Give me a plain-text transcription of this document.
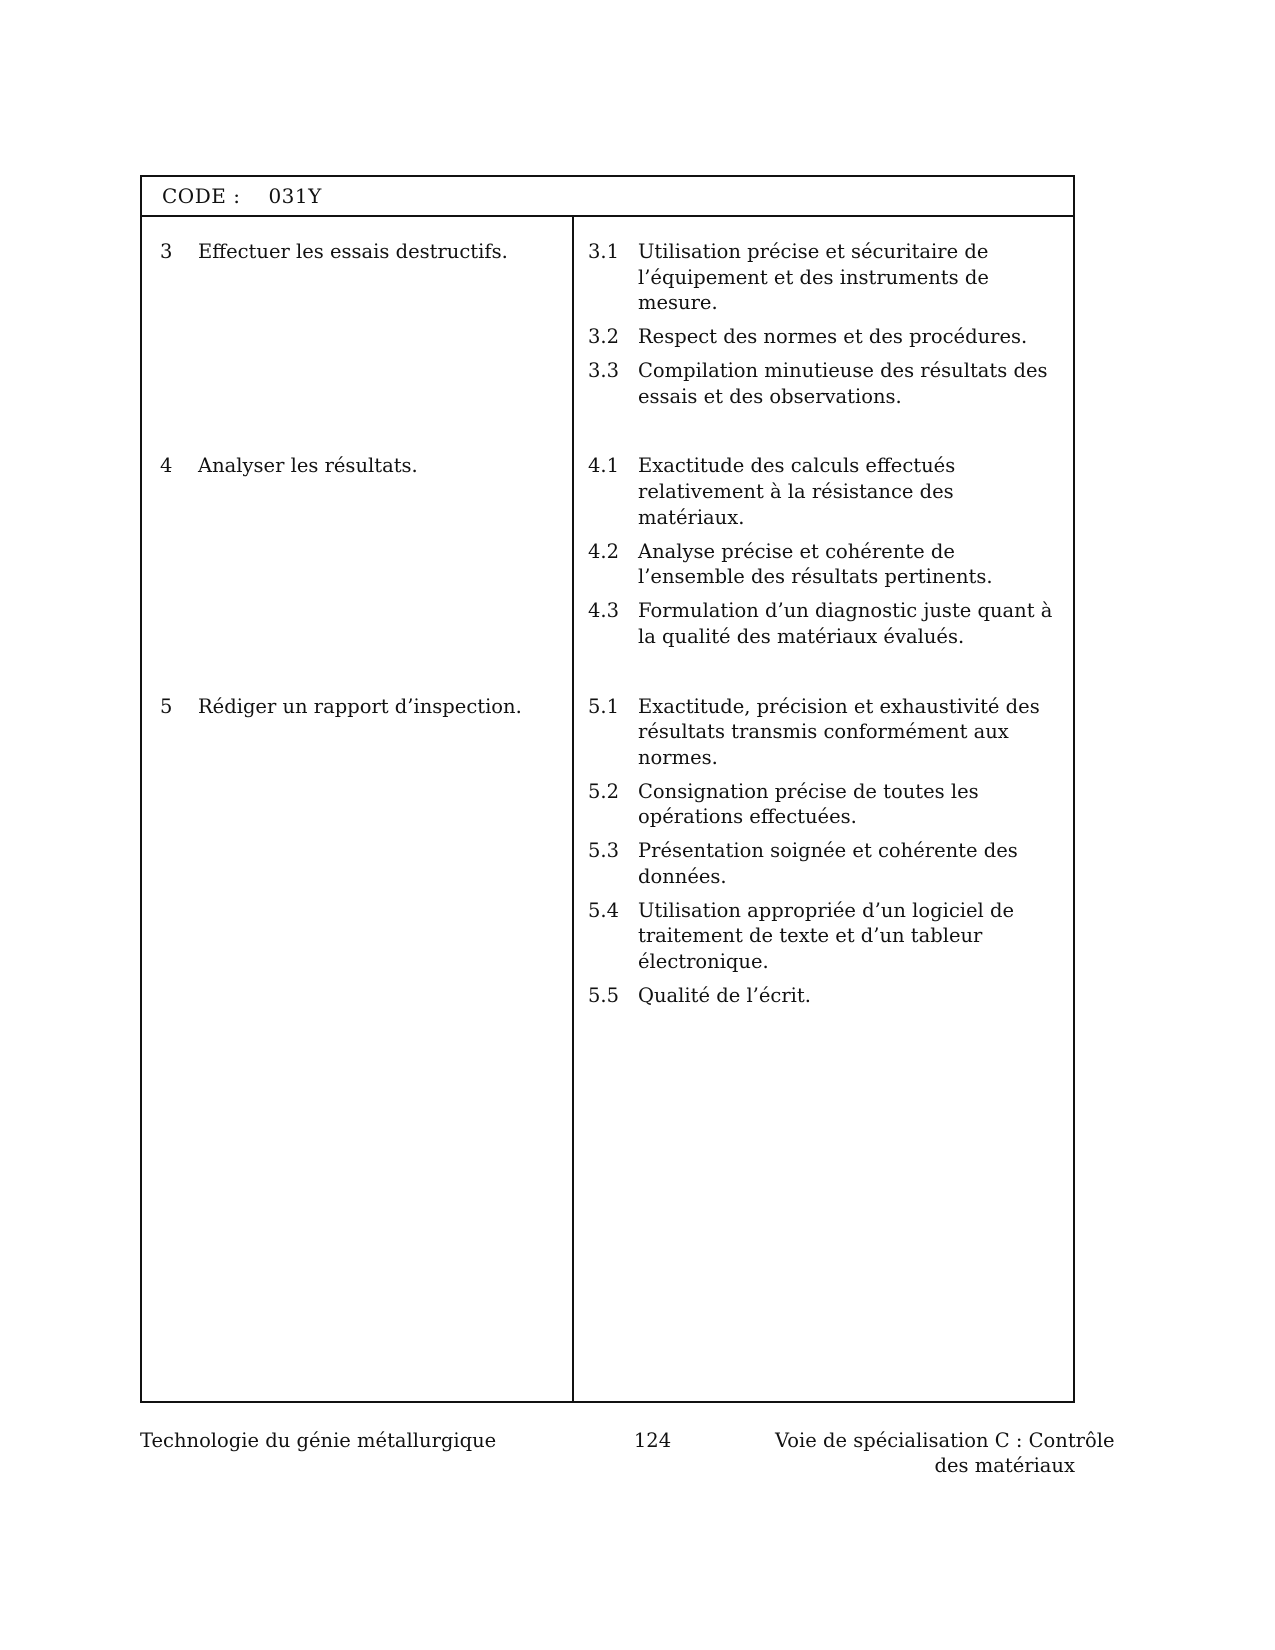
CODE : 031Y
3	Effectuer les essais destructifs.	3.1 Utilisation précise et sécuritaire de l’équipement et des instruments de mesure.
3.2 Respect des normes et des procédures.
3.3 Compilation minutieuse des résultats des essais et des observations.
4	Analyser les résultats.	4.1 Exactitude des calculs effectués relativement à la résistance des matériaux.
4.2 Analyse précise et cohérente de l’ensemble des résultats pertinents.
4.3 Formulation d’un diagnostic juste quant à la qualité des matériaux évalués.
5	Rédiger un rapport d’inspection.	5.1 Exactitude, précision et exhaustivité des résultats transmis conformément aux normes.
5.2 Consignation précise de toutes les opérations effectuées.
5.3 Présentation soignée et cohérente des données.
5.4 Utilisation appropriée d’un logiciel de traitement de texte et d’un tableur électronique.
5.5 Qualité de l’écrit.
Technologie du génie métallurgique	124	Voie de spécialisation C : Contrôle
des matériaux
